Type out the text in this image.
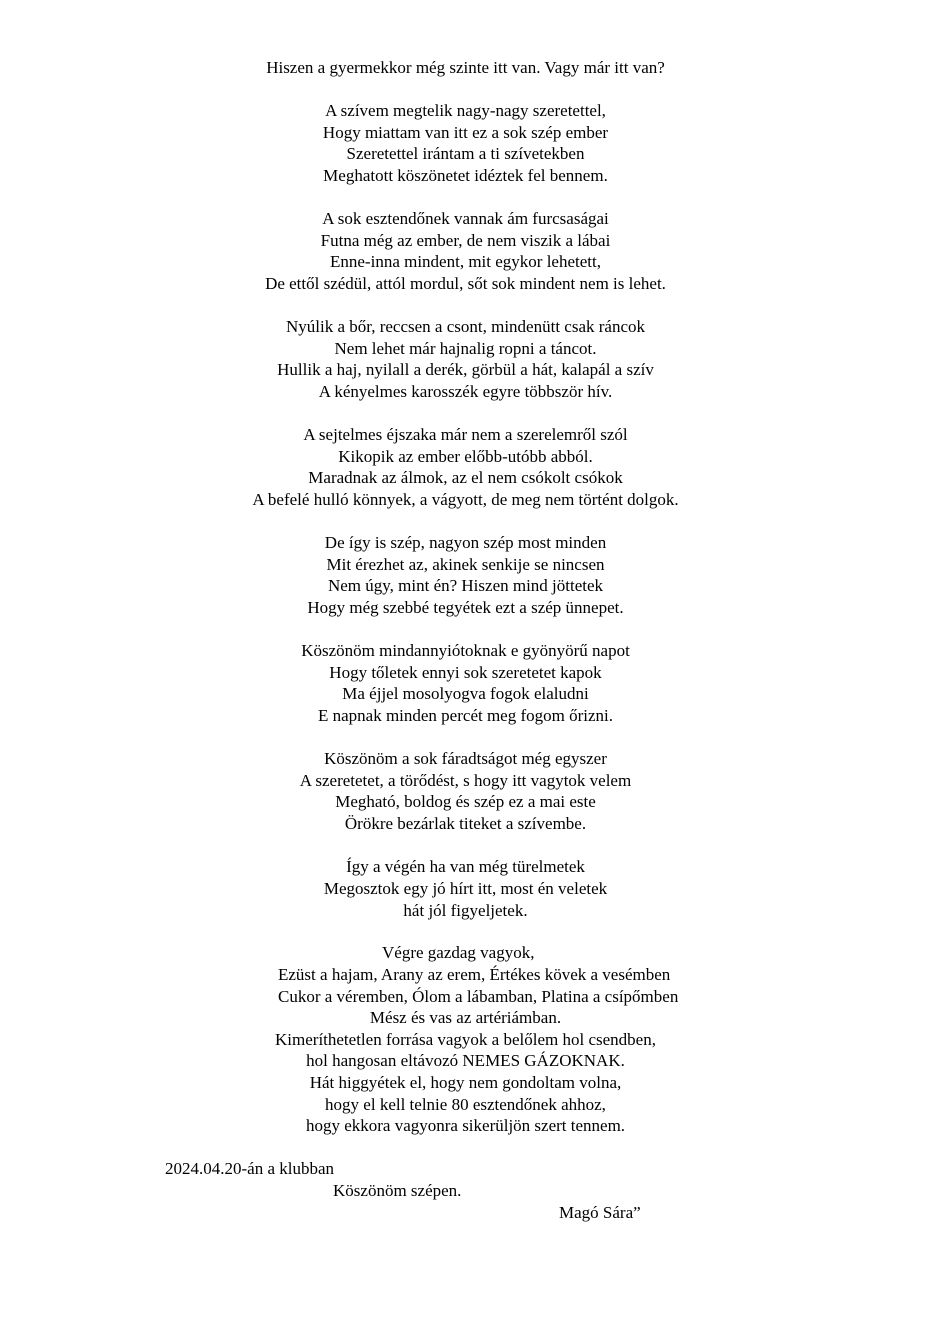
Hiszen a gyermekkor még szinte itt van. Vagy már itt van?
A szívem megtelik nagy-nagy szeretettel,
Hogy miattam van itt ez a sok szép ember
Szeretettel irántam a ti szívetekben
Meghatott köszönetet idéztek fel bennem.
A sok esztendőnek vannak ám furcsaságai
Futna még az ember, de nem viszik a lábai
Enne-inna mindent, mit egykor lehetett,
De ettől szédül, attól mordul, sőt sok mindent nem is lehet.
Nyúlik a bőr, reccsen a csont, mindenütt csak ráncok
Nem lehet már hajnalig ropni a táncot.
Hullik a haj, nyilall a derék, görbül a hát, kalapál a szív
A kényelmes karosszék egyre többször hív.
A sejtelmes éjszaka már nem a szerelemről szól
Kikopik az ember előbb-utóbb abból.
Maradnak az álmok, az el nem csókolt csókok
A befelé hulló könnyek, a vágyott, de meg nem történt dolgok.
De így is szép, nagyon szép most minden
Mit érezhet az, akinek senkije se nincsen
Nem úgy, mint én? Hiszen mind jöttetek
Hogy még szebbé tegyétek ezt a szép ünnepet.
Köszönöm mindannyiótoknak e gyönyörű napot
Hogy tőletek ennyi sok szeretetet kapok
Ma éjjel mosolyogva fogok elaludni
E napnak minden percét meg fogom őrizni.
Köszönöm a sok fáradtságot még egyszer
A szeretetet, a törődést, s hogy itt vagytok velem
Megható, boldog és szép ez a mai este
Örökre bezárlak titeket a szívembe.
Így a végén ha van még türelmetek
Megosztok egy jó hírt itt, most én veletek
hát jól figyeljetek.
Végre gazdag vagyok,
Ezüst a hajam, Arany az erem, Értékes kövek a vesémben
Cukor a véremben, Ólom a lábamban, Platina a csípőmben
Mész és vas az artériámban.
Kimeríthetetlen forrása vagyok a belőlem hol csendben,
hol hangosan eltávozó NEMES GÁZOKNAK.
Hát higgyétek el, hogy nem gondoltam volna,
hogy el kell telnie 80 esztendőnek ahhoz,
hogy ekkora vagyonra sikerüljön szert tennem.
2024.04.20-án a klubban
Köszönöm szépen.
Magó Sára”
